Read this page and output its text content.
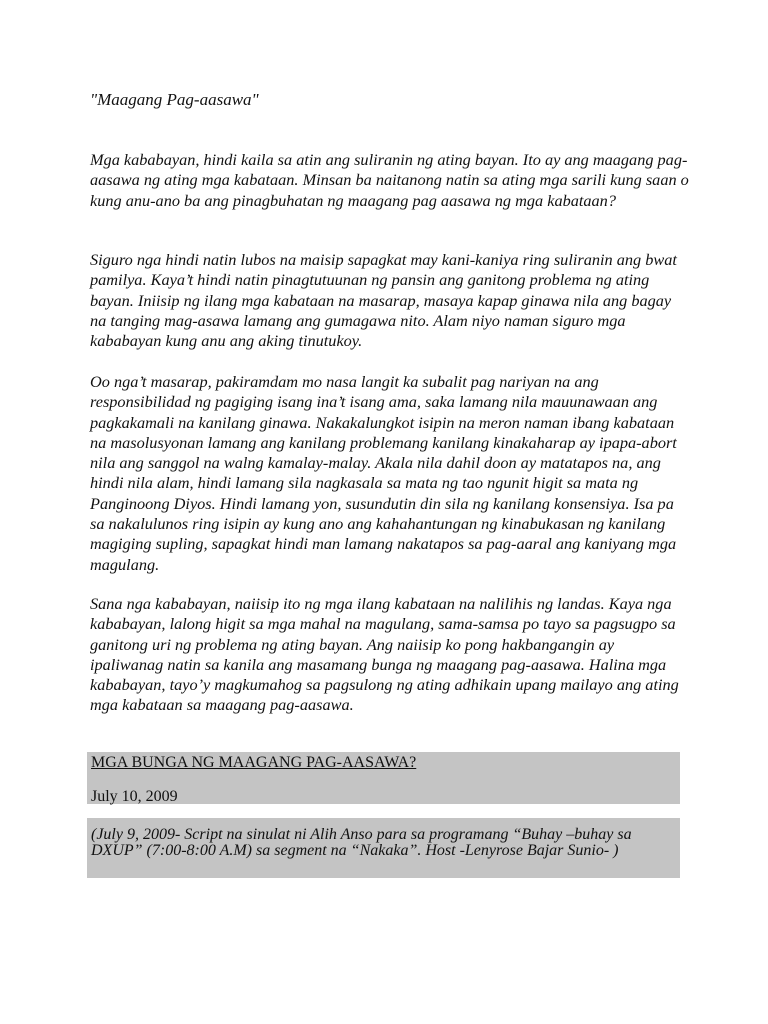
"Maagang Pag-aasawa"

Mga kababayan, hindi kaila sa atin ang suliranin ng ating bayan. Ito ay ang maagang pag-aasawa ng ating mga kabataan. Minsan ba naitanong natin sa ating mga sarili kung saan o kung anu-ano ba ang pinagbuhatan ng maagang pag aasawa ng mga kabataan?

Siguro nga hindi natin lubos na maisip sapagkat may kani-kaniya ring suliranin ang bwat pamilya. Kaya’t hindi natin pinagtutuunan ng pansin ang ganitong problema ng ating bayan. Iniisip ng ilang mga kabataan na masarap, masaya kapap ginawa nila ang bagay na tanging mag-asawa lamang ang gumagawa nito. Alam niyo naman siguro mga kababayan kung anu ang aking tinutukoy.

Oo nga’t masarap, pakiramdam mo nasa langit ka subalit pag nariyan na ang responsibilidad ng pagiging isang ina’t isang ama, saka lamang nila mauunawaan ang pagkakamali na kanilang ginawa. Nakakalungkot isipin na meron naman ibang kabataan na masolusyonan lamang ang kanilang problemang kanilang kinakaharap ay ipapa-abort nila ang sanggol na walng kamalay-malay. Akala nila dahil doon ay matatapos na, ang hindi nila alam, hindi lamang sila nagkasala sa mata ng tao ngunit higit sa mata ng Panginoong Diyos. Hindi lamang yon, susundutin din sila ng kanilang konsensiya. Isa pa sa nakalulunos ring isipin ay kung ano ang kahahantungan ng kinabukasan ng kanilang magiging supling, sapagkat hindi man lamang nakatapos sa pag-aaral ang kaniyang mga magulang.

Sana nga kababayan, naiisip ito ng mga ilang kabataan na nalilihis ng landas. Kaya nga kababayan, lalong higit sa mga mahal na magulang, sama-samsa po tayo sa pagsugpo sa ganitong uri ng problema ng ating bayan. Ang naiisip ko pong hakbangangin ay ipaliwanag natin sa kanila ang masamang bunga ng maagang pag-aasawa. Halina mga kababayan, tayo’y magkumahog sa pagsulong ng ating adhikain upang mailayo ang ating mga kabataan sa maagang pag-aasawa.

MGA BUNGA NG MAAGANG PAG-AASAWA?
July 10, 2009
(July 9, 2009- Script na sinulat ni Alih Anso para sa programang “Buhay –buhay sa DXUP” (7:00-8:00 A.M) sa segment na “Nakaka”. Host -Lenyrose Bajar Sunio- )
